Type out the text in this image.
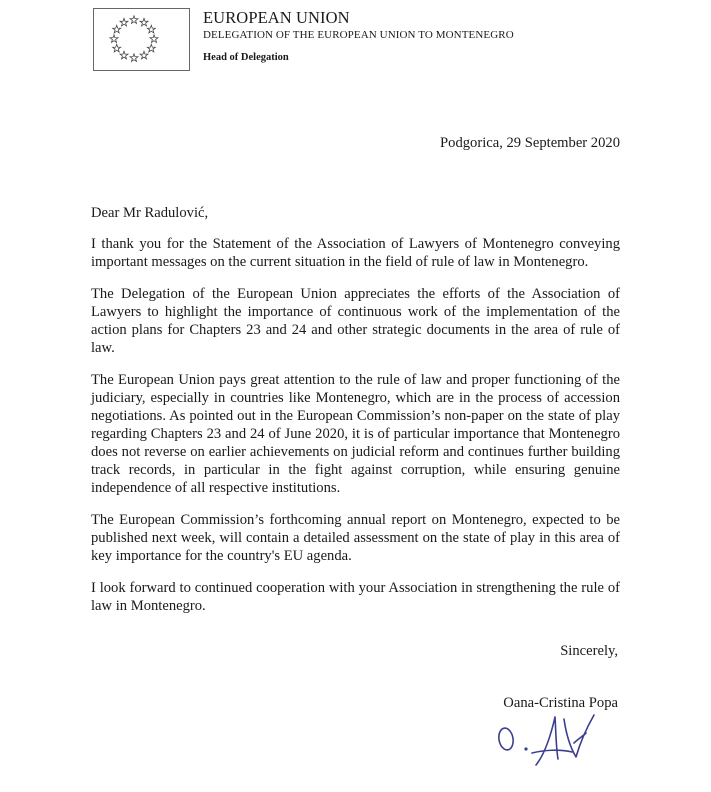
EUROPEAN UNION
DELEGATION OF THE EUROPEAN UNION TO MONTENEGRO
Head of Delegation
Podgorica, 29 September 2020

Dear Mr Radulović,

I thank you for the Statement of the Association of Lawyers of Montenegro conveying important messages on the current situation in the field of rule of law in Montenegro.

The Delegation of the European Union appreciates the efforts of the Association of Lawyers to highlight the importance of continuous work of the implementation of the action plans for Chapters 23 and 24 and other strategic documents in the area of rule of law.

The European Union pays great attention to the rule of law and proper functioning of the judiciary, especially in countries like Montenegro, which are in the process of accession negotiations. As pointed out in the European Commission’s non-paper on the state of play regarding Chapters 23 and 24 of June 2020, it is of particular importance that Montenegro does not reverse on earlier achievements on judicial reform and continues further building track records, in particular in the fight against corruption, while ensuring genuine independence of all respective institutions.

The European Commission’s forthcoming annual report on Montenegro, expected to be published next week, will contain a detailed assessment on the state of play in this area of key importance for the country's EU agenda.

I look forward to continued cooperation with your Association in strengthening the rule of law in Montenegro.

Sincerely,
Oana-Cristina Popa
